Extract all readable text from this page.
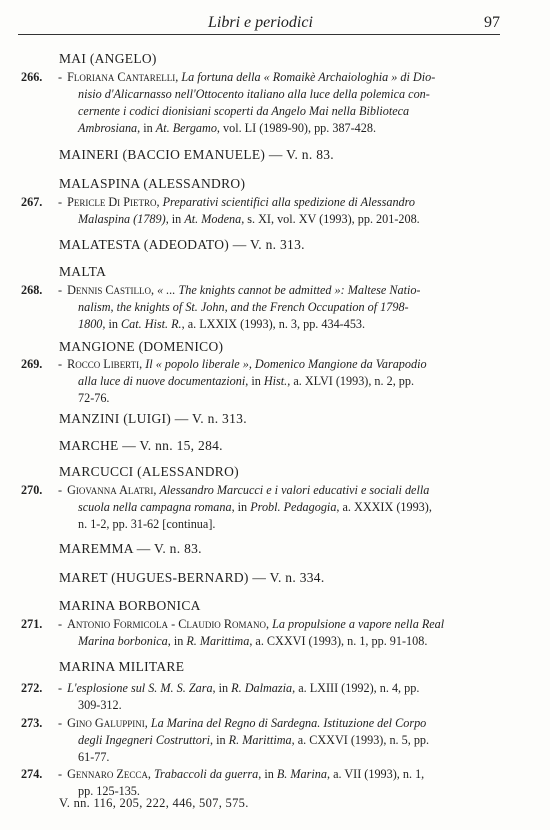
Libri e periodici	97
MAI (ANGELO)
266. - Floriana Cantarelli, La fortuna della « Romaikè Archaiologhia » di Dio-
nisio d'Alicarnasso nell'Ottocento italiano alla luce della polemica con-
cernente i codici dionisiani scoperti da Angelo Mai nella Biblioteca
Ambrosiana, in At. Bergamo, vol. LI (1989-90), pp. 387-428.
MAINERI (BACCIO EMANUELE) — V. n. 83.
MALASPINA (ALESSANDRO)
267. - Pericle Di Pietro, Preparativi scientifici alla spedizione di Alessandro
Malaspina (1789), in At. Modena, s. XI, vol. XV (1993), pp. 201-208.
MALATESTA (ADEODATO) — V. n. 313.
MALTA
268. - Dennis Castillo, « ... The knights cannot be admitted »: Maltese Natio-
nalism, the knights of St. John, and the French Occupation of 1798-
1800, in Cat. Hist. R., a. LXXIX (1993), n. 3, pp. 434-453.
MANGIONE (DOMENICO)
269. - Rocco Liberti, Il « popolo liberale », Domenico Mangione da Varapodio
alla luce di nuove documentazioni, in Hist., a. XLVI (1993), n. 2, pp.
72-76.
MANZINI (LUIGI) — V. n. 313.
MARCHE — V. nn. 15, 284.
MARCUCCI (ALESSANDRO)
270. - Giovanna Alatri, Alessandro Marcucci e i valori educativi e sociali della
scuola nella campagna romana, in Probl. Pedagogia, a. XXXIX (1993),
n. 1-2, pp. 31-62 [continua].
MAREMMA — V. n. 83.
MARET (HUGUES-BERNARD) — V. n. 334.
MARINA BORBONICA
271. - Antonio Formicola - Claudio Romano, La propulsione a vapore nella Real
Marina borbonica, in R. Marittima, a. CXXVI (1993), n. 1, pp. 91-108.
MARINA MILITARE
272. - L'esplosione sul S. M. S. Zara, in R. Dalmazia, a. LXIII (1992), n. 4, pp.
309-312.
273. - Gino Galuppini, La Marina del Regno di Sardegna. Istituzione del Corpo
degli Ingegneri Costruttori, in R. Marittima, a. CXXVI (1993), n. 5, pp.
61-77.
274. - Gennaro Zecca, Trabaccoli da guerra, in B. Marina, a. VII (1993), n. 1,
pp. 125-135.
V. nn. 116, 205, 222, 446, 507, 575.
